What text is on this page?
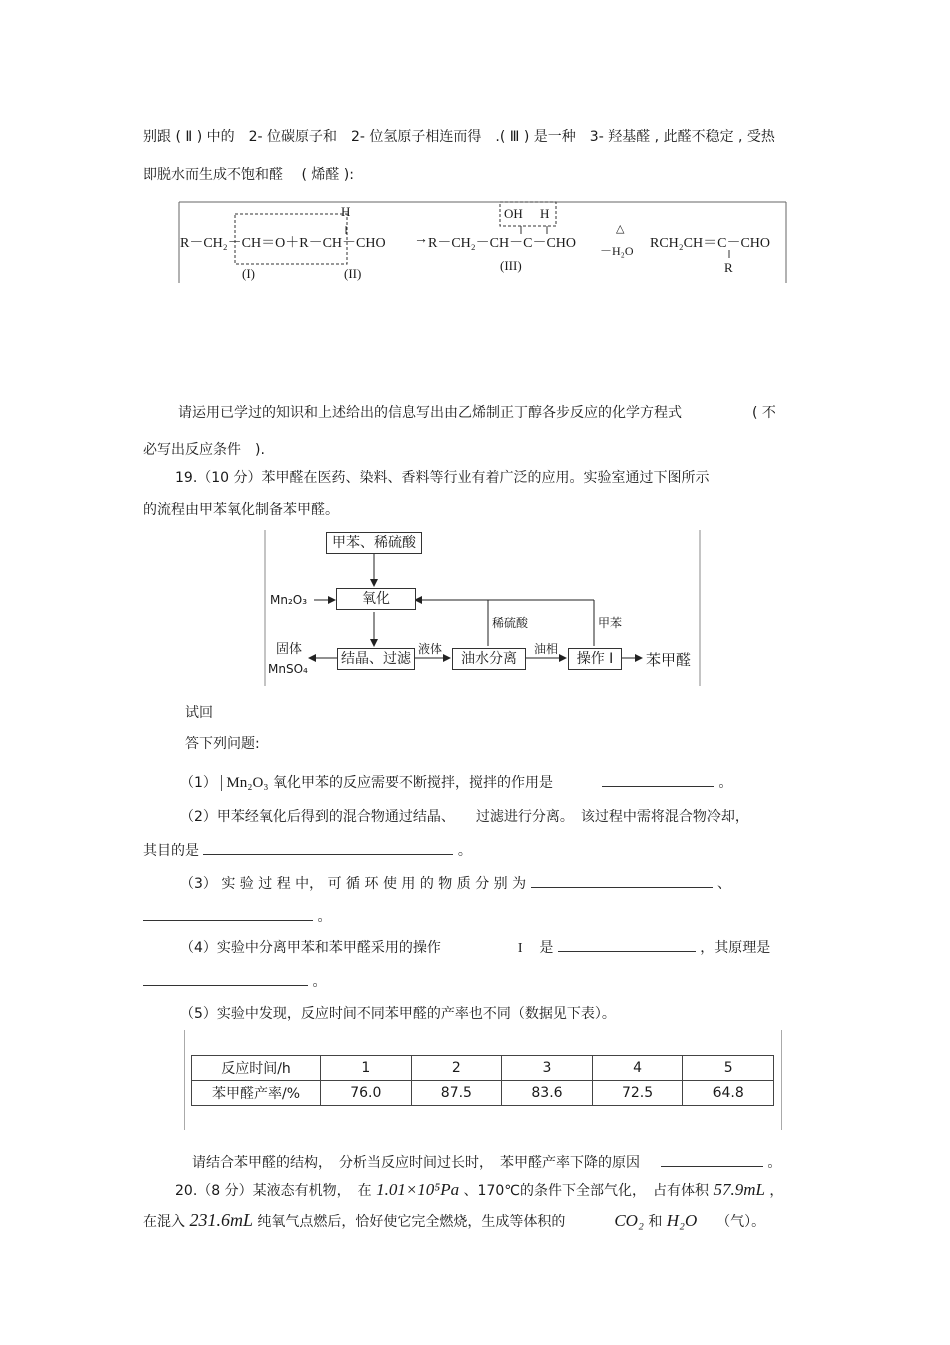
别跟 ( Ⅱ ) 中的　2- 位碳原子和　2- 位氢原子相连而得　.( Ⅲ ) 是一种　3- 羟基醛 , 此醛不稳定 , 受热
即脱水而生成不饱和醛　 ( 烯醛 ):
R－CH₂－CH＝O＋R－CH－CHO
H
→ R－CH₂－CH－C－CHO
OH H
△
－H₂O RCH₂CH＝C－CHO
R
(I)	(II)
(III)
请运用已学过的知识和上述给出的信息写出由乙烯制正丁醇各步反应的化学方程式　　　　　( 不
必写出反应条件　).
19.（10 分）苯甲醛在医药、染料、香料等行业有着广泛的应用。实验室通过下图所示
的流程由甲苯氧化制备苯甲醛。
甲苯、稀硫酸
氧化
结晶、过滤	油水分离	操作 I
Mn₂O₃
苯甲醛
固体
MnSO₄
液体	油相
稀硫酸	甲苯
试回
答下列问题:
（1） Mn₂O₃ 氧化甲苯的反应需要不断搅拌，搅拌的作用是	。
（2）甲苯经氧化后得到的混合物通过结晶、　　过滤进行分离。　该过程中需将混合物冷却，
其目的是	。
（3） 实 验 过 程 中， 可 循 环 使 用 的 物 质 分 别 为	、
。
（4）实验中分离甲苯和苯甲醛采用的操作	I 是	，其原理是
。
（5）实验中发现，反应时间不同苯甲醛的产率也不同（数据见下表）。
反应时间/h	1	2	3	4	5
苯甲醛产率/%	76.0	87.5	83.6	72.5	64.8
请结合苯甲醛的结构，　分析当反应时间过长时，　苯甲醛产率下降的原因	。
20.（8 分）某液态有机物，　在 1.01×10⁵Pa 、170℃的条件下全部气化，　占有体积 57.9mL ，
在混入 231.6mL 纯氧气点燃后，恰好使它完全燃烧，生成等体积的	CO₂ 和 H₂O （气）。
